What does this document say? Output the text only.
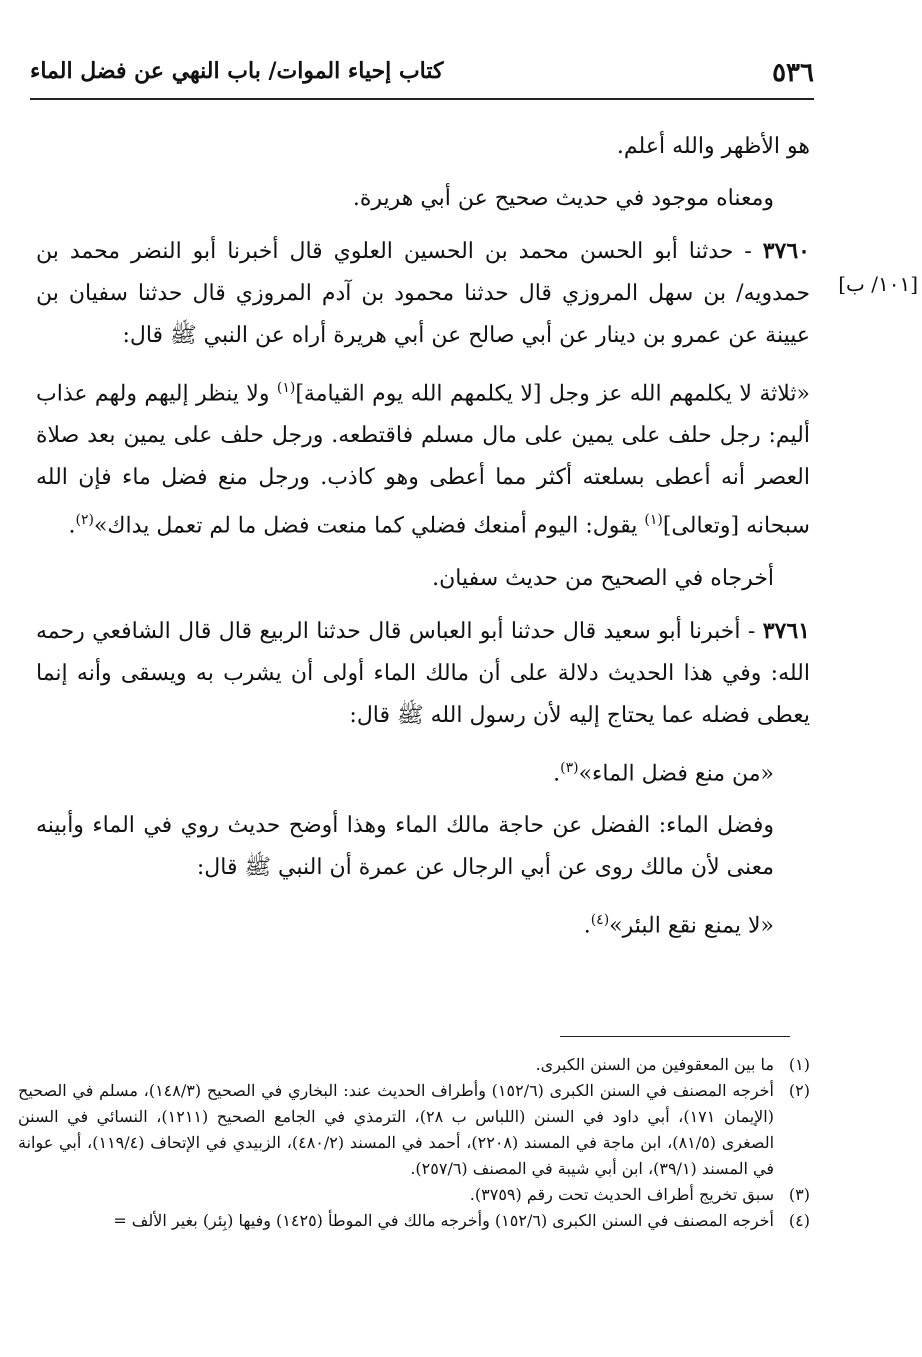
٥٣٦
كتاب إحياء الموات/ باب النهي عن فضل الماء
[١٠١/ ب]

هو الأظهر والله أعلم.

ومعناه موجود في حديث صحيح عن أبي هريرة.

٣٧٦٠ - حدثنا أبو الحسن محمد بن الحسين العلوي قال أخبرنا أبو النضر محمد بن حمدويه/ بن سهل المروزي قال حدثنا محمود بن آدم المروزي قال حدثنا سفيان بن عيينة عن عمرو بن دينار عن أبي صالح عن أبي هريرة أراه عن النبي ﷺ قال:

«ثلاثة لا يكلمهم الله عز وجل [لا يكلمهم الله يوم القيامة]$^{(١)}$ ولا ينظر إليهم ولهم عذاب أليم: رجل حلف على يمين على مال مسلم فاقتطعه. ورجل حلف على يمين بعد صلاة العصر أنه أعطى بسلعته أكثر مما أعطى وهو كاذب. ورجل منع فضل ماء فإن الله سبحانه [وتعالى]$^{(١)}$ يقول: اليوم أمنعك فضلي كما منعت فضل ما لم تعمل يداك»$^{(٢)}$.

أخرجاه في الصحيح من حديث سفيان.

٣٧٦١ - أخبرنا أبو سعيد قال حدثنا أبو العباس قال حدثنا الربيع قال قال الشافعي رحمه الله: وفي هذا الحديث دلالة على أن مالك الماء أولى أن يشرب به ويسقى وأنه إنما يعطى فضله عما يحتاج إليه لأن رسول الله ﷺ قال:

«من منع فضل الماء»$^{(٣)}$.

وفضل الماء: الفضل عن حاجة مالك الماء وهذا أوضح حديث روي في الماء وأبينه معنى لأن مالك روى عن أبي الرجال عن عمرة أن النبي ﷺ قال:

«لا يمنع نقع البئر»$^{(٤)}$.

(١)
ما بين المعقوفين من السنن الكبرى.

(٢)
أخرجه المصنف في السنن الكبرى (١٥٢/٦) وأطراف الحديث عند: البخاري في الصحيح (١٤٨/٣)، مسلم في الصحيح (الإيمان ١٧١)، أبي داود في السنن (اللباس ب ٢٨)، الترمذي في الجامع الصحيح (١٢١١)، النسائي في السنن الصغرى (٨١/٥)، ابن ماجة في المسند (٢٢٠٨)، أحمد في المسند (٤٨٠/٢)، الزبيدي في الإتحاف (١١٩/٤)، أبي عوانة في المسند (٣٩/١)، ابن أبي شيبة في المصنف (٢٥٧/٦).

(٣)
سبق تخريج أطراف الحديث تحت رقم (٣٧٥٩).

(٤)
أخرجه المصنف في السنن الكبرى (١٥٢/٦) وأخرجه مالك في الموطأ (١٤٢٥) وفيها (بِئر) بغير الألف =
